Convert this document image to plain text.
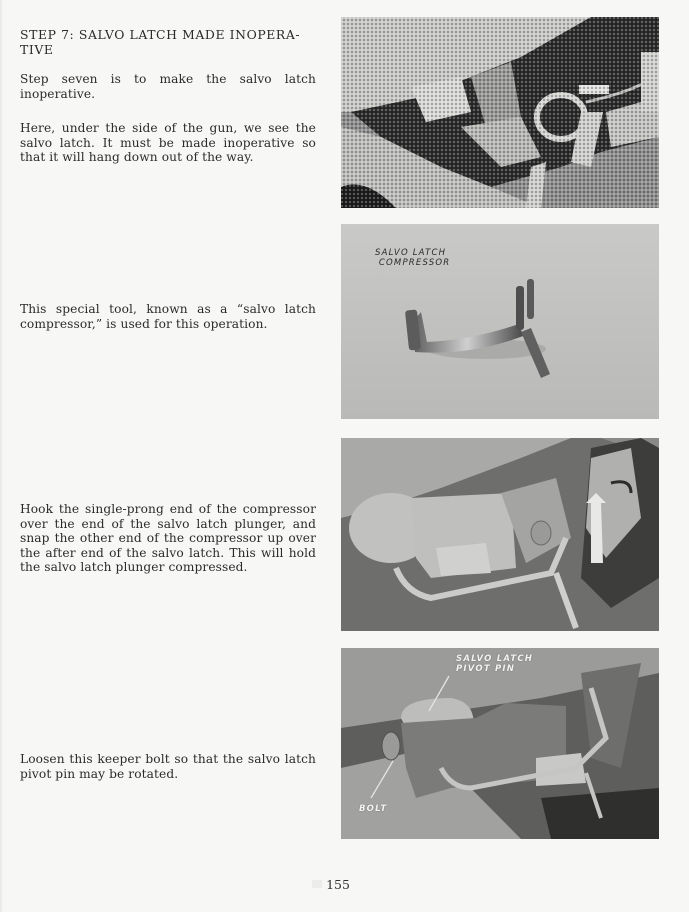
STEP 7: SALVO LATCH MADE INOPERA-
TIVE
Step seven is to make the salvo latch inoperative.
Here, under the side of the gun, we see the salvo latch. It must be made inoperative so that it will hang down out of the way.
This special tool, known as a “salvo latch compressor,” is used for this operation.
Hook the single-prong end of the compressor over the end of the salvo latch plunger, and snap the other end of the compressor up over the after end of the salvo latch. This will hold the salvo latch plunger compressed.
Loosen this keeper bolt so that the salvo latch pivot pin may be rotated.
SALVO LATCH
COMPRESSOR
SALVO LATCH
PIVOT PIN
BOLT
155
